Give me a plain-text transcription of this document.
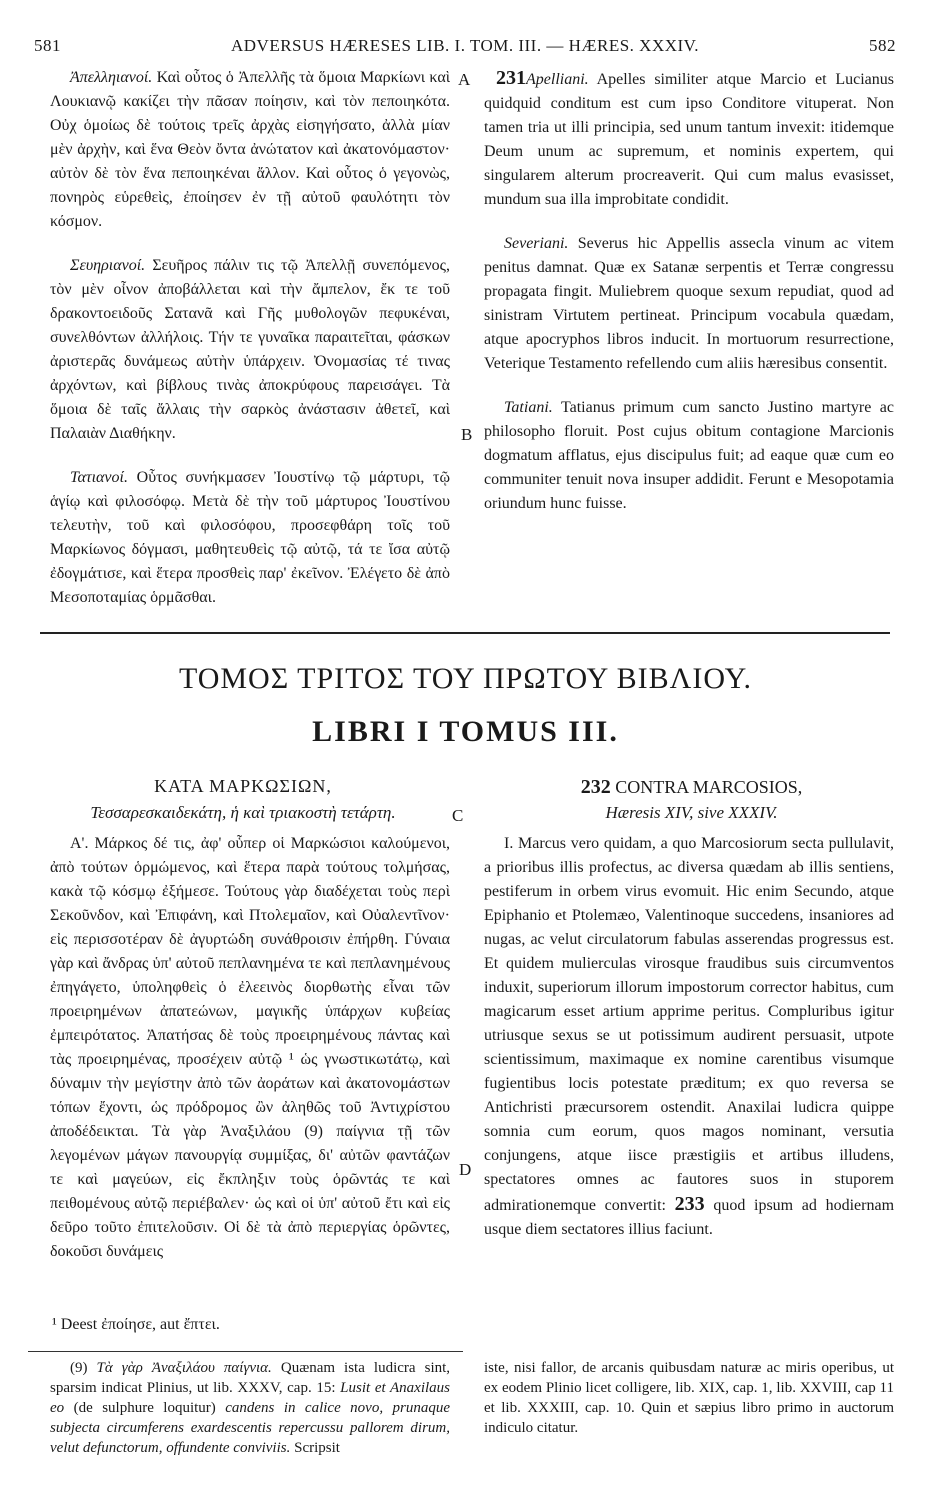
581	ADVERSUS HÆRESES LIB. I. TOM. III. — HÆRES. XXXIV.	582

Ἀπελληιανοί. Καὶ οὗτος ὁ Ἀπελλῆς τὰ ὅμοια Μαρκίωνι καὶ Λουκιανῷ κακίζει τὴν πᾶσαν ποίησιν, καὶ τὸν πεποιηκότα. Οὐχ ὁμοίως δὲ τούτοις τρεῖς ἀρχὰς εἰσηγήσατο, ἀλλὰ μίαν μὲν ἀρχὴν, καὶ ἕνα Θεὸν ὄντα ἀνώτατον καὶ ἀκατονόμαστον· αὐτὸν δὲ τὸν ἕνα πεποιηκέναι ἄλλον. Καὶ οὗτος ὁ γεγονὼς, πονηρὸς εὑρεθεὶς, ἐποίησεν ἐν τῇ αὐτοῦ φαυλότητι τὸν κόσμον.

Σευηριανοί. Σευῆρος πάλιν τις τῷ Ἀπελλῇ συνεπόμενος, τὸν μὲν οἶνον ἀποβάλλεται καὶ τὴν ἄμπελον, ἔκ τε τοῦ δρακοντοειδοῦς Σατανᾶ καὶ Γῆς μυθολογῶν πεφυκέναι, συνελθόντων ἀλλήλοις. Τήν τε γυναῖκα παραιτεῖται, φάσκων ἀριστερᾶς δυνάμεως αὐτὴν ὑπάρχειν. Ὀνομασίας τέ τινας ἀρχόντων, καὶ βίβλους τινὰς ἀποκρύφους παρεισάγει. Τὰ ὅμοια δὲ ταῖς ἄλλαις τὴν σαρκὸς ἀνάστασιν ἀθετεῖ, καὶ Παλαιὰν Διαθήκην.

Τατιανοί. Οὗτος συνήκμασεν Ἰουστίνῳ τῷ μάρτυρι, τῷ ἁγίῳ καὶ φιλοσόφῳ. Μετὰ δὲ τὴν τοῦ μάρτυρος Ἰουστίνου τελευτὴν, τοῦ καὶ φιλοσόφου, προσεφθάρη τοῖς τοῦ Μαρκίωνος δόγμασι, μαθητευθεὶς τῷ αὐτῷ, τά τε ἴσα αὐτῷ ἐδογμάτισε, καὶ ἕτερα προσθεὶς παρ' ἐκεῖνον. Ἐλέγετο δὲ ἀπὸ Μεσοποταμίας ὁρμᾶσθαι.

231Apelliani. Apelles similiter atque Marcio et Lucianus quidquid conditum est cum ipso Conditore vituperat. Non tamen tria ut illi principia, sed unum tantum invexit: itidemque Deum unum ac supremum, et nominis expertem, qui singularem alterum procreaverit. Qui cum malus evasisset, mundum sua illa improbitate condidit.

Severiani. Severus hic Appellis assecla vinum ac vitem penitus damnat. Quæ ex Satanæ serpentis et Terræ congressu propagata fingit. Muliebrem quoque sexum repudiat, quod ad sinistram Virtutem pertineat. Principum vocabula quædam, atque apocryphos libros inducit. In mortuorum resurrectione, Veterique Testamento refellendo cum aliis hæresibus consentit.

Tatiani. Tatianus primum cum sancto Justino martyre ac philosopho floruit. Post cujus obitum contagione Marcionis dogmatum afflatus, ejus discipulus fuit; ad eaque quæ cum eo communiter tenuit nova insuper addidit. Ferunt e Mesopotamia oriundum hunc fuisse.

A
B
ΤΟΜΟΣ ΤΡΙΤΟΣ ΤΟΥ ΠΡΩΤΟΥ ΒΙΒΛΙΟΥ.
LIBRI I TOMUS III.
ΚΑΤΑ ΜΑΡΚΩΣΙΩΝ,
Τεσσαρεσκαιδεκάτη, ἡ καὶ τριακοστὴ τετάρτη.	C
232 CONTRA MARCOSIOS,
Hæresis XIV, sive XXXIV.

Α'. Μάρκος δέ τις, ἀφ' οὗπερ οἱ Μαρκώσιοι καλούμενοι, ἀπὸ τούτων ὁρμώμενος, καὶ ἕτερα παρὰ τούτους τολμήσας, κακὰ τῷ κόσμῳ ἐξήμεσε. Τούτους γὰρ διαδέχεται τοὺς περὶ Σεκοῦνδον, καὶ Ἐπιφάνη, καὶ Πτολεμαῖον, καὶ Οὐαλεντῖνον· εἰς περισσοτέραν δὲ ἀγυρτώδη συνάθροισιν ἐπήρθη. Γύναια γὰρ καὶ ἄνδρας ὑπ' αὐτοῦ πεπλανημένα τε καὶ πεπλανημένους ἐπηγάγετο, ὑποληφθεὶς ὁ ἐλεεινὸς διορθωτὴς εἶναι τῶν προειρημένων ἀπατεώνων, μαγικῆς ὑπάρχων κυβείας ἐμπειρότατος. Ἀπατήσας δὲ τοὺς προειρημένους πάντας καὶ τὰς προειρημένας, προσέχειν αὐτῷ ¹ ὡς γνωστικωτάτῳ, καὶ δύναμιν τὴν μεγίστην ἀπὸ τῶν ἀοράτων καὶ ἀκατονομάστων τόπων ἔχοντι, ὡς πρόδρομος ὢν ἀληθῶς τοῦ Ἀντιχρίστου ἀποδέδεικται. Τὰ γὰρ Ἀναξιλάου (9) παίγνια τῇ τῶν λεγομένων μάγων πανουργίᾳ συμμίξας, δι' αὐτῶν φαντάζων τε καὶ μαγεύων, εἰς ἔκπληξιν τοὺς ὁρῶντάς τε καὶ πειθομένους αὐτῷ περιέβαλεν· ὡς καὶ οἱ ὑπ' αὐτοῦ ἔτι καὶ εἰς δεῦρο τοῦτο ἐπιτελοῦσιν. Οἱ δὲ τὰ ἀπὸ περιεργίας ὁρῶντες, δοκοῦσι δυνάμεις

D

I. Marcus vero quidam, a quo Marcosiorum secta pullulavit, a prioribus illis profectus, ac diversa quædam ab illis sentiens, pestiferum in orbem virus evomuit. Hic enim Secundo, atque Epiphanio et Ptolemæo, Valentinoque succedens, insaniores ad nugas, ac velut circulatorum fabulas asserendas progressus est. Et quidem mulierculas virosque fraudibus suis circumventos induxit, superiorum illorum impostorum corrector habitus, cum magicarum esset artium apprime peritus. Compluribus igitur utriusque sexus se ut potissimum audirent persuasit, utpote scientissimum, maximaque ex nomine carentibus visumque fugientibus locis potestate præditum; ex quo reversa se Antichristi præcursorem ostendit. Anaxilai ludicra quippe somnia cum eorum, quos magos nominant, versutia conjungens, atque iisce præstigiis et artibus illudens, spectatores omnes ac fautores suos in stuporem admirationemque convertit: 233 quod ipsum ad hodiernam usque diem sectatores illius faciunt.

¹ Deest ἐποίησε, aut ἔπτει.

(9) Τὰ γὰρ Ἀναξιλάου παίγνια. Quænam ista ludicra sint, sparsim indicat Plinius, ut lib. XXXV, cap. 15: Lusit et Anaxilaus eo (de sulphure loquitur) candens in calice novo, prunaque subjecta circumferens exardescentis repercussu pallorem dirum, velut defunctorum, offundente conviviis. Scripsit

iste, nisi fallor, de arcanis quibusdam naturæ ac miris operibus, ut ex eodem Plinio licet colligere, lib. XIX, cap. 1, lib. XXVIII, cap 11 et lib. XXXIII, cap. 10. Quin et sæpius libro primo in auctorum indiculo citatur.
